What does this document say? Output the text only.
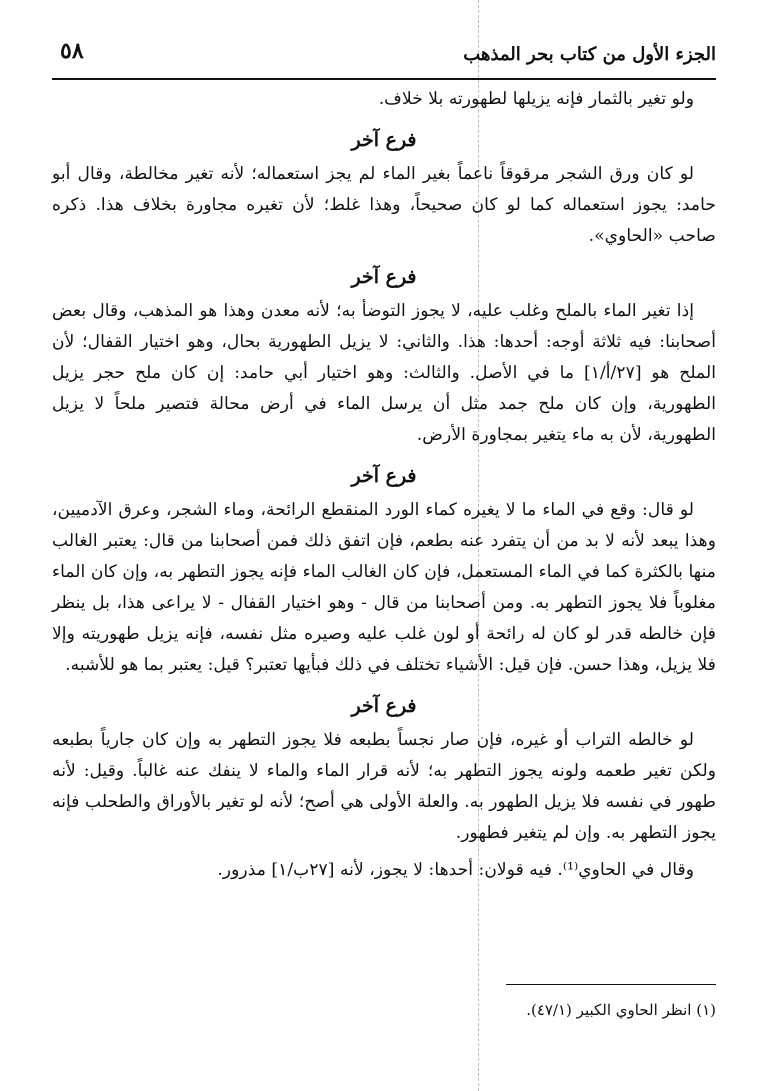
الجزء الأول من كتاب بحر المذهب
٥٨

ولو تغير بالثمار فإنه يزيلها لطهورته بلا خلاف.

فرع آخر

لو كان ورق الشجر مرقوقاً ناعماً بغير الماء لم يجز استعماله؛ لأنه تغير مخالطة، وقال أبو حامد: يجوز استعماله كما لو كان صحيحاً، وهذا غلط؛ لأن تغيره مجاورة بخلاف هذا. ذكره صاحب «الحاوي».

فرع آخر

إذا تغير الماء بالملح وغلب عليه، لا يجوز التوضأ به؛ لأنه معدن وهذا هو المذهب، وقال بعض أصحابنا: فيه ثلاثة أوجه: أحدها: هذا. والثاني: لا يزيل الطهورية بحال، وهو اختيار القفال؛ لأن الملح هو [٢٧/أ/١] ما في الأصل. والثالث: وهو اختيار أبي حامد: إن كان ملح حجر يزيل الطهورية، وإن كان ملح جمد مثل أن يرسل الماء في أرض محالة فتصير ملحاً لا يزيل الطهورية، لأن به ماء يتغير بمجاورة الأرض.

فرع آخر

لو قال: وقع في الماء ما لا يغيره كماء الورد المنقطع الرائحة، وماء الشجر، وعرق الآدميين، وهذا يبعد لأنه لا بد من أن يتفرد عنه بطعم، فإن اتفق ذلك فمن أصحابنا من قال: يعتبر الغالب منها بالكثرة كما في الماء المستعمل، فإن كان الغالب الماء فإنه يجوز التطهر به، وإن كان الماء مغلوباً فلا يجوز التطهر به. ومن أصحابنا من قال - وهو اختيار القفال - لا يراعى هذا، بل ينظر فإن خالطه قدر لو كان له رائحة أو لون غلب عليه وصيره مثل نفسه، فإنه يزيل طهوريته وإلا فلا يزيل، وهذا حسن. فإن قيل: الأشياء تختلف في ذلك فبأيها تعتبر؟ قيل: يعتبر بما هو للأشبه.

فرع آخر

لو خالطه التراب أو غيره، فإن صار نجساً بطبعه فلا يجوز التطهر به وإن كان جارياً بطبعه ولكن تغير طعمه ولونه يجوز التطهر به؛ لأنه قرار الماء والماء لا ينفك عنه غالباً. وقيل: لأنه طهور في نفسه فلا يزيل الطهور به. والعلة الأولى هي أصح؛ لأنه لو تغير بالأوراق والطحلب فإنه يجوز التطهر به. وإن لم يتغير فطهور.

وقال في الحاوي⁽¹⁾. فيه قولان: أحدها: لا يجوز، لأنه [٢٧ب/١] مذرور.

(١) انظر الحاوي الكبير (٤٧/١).
